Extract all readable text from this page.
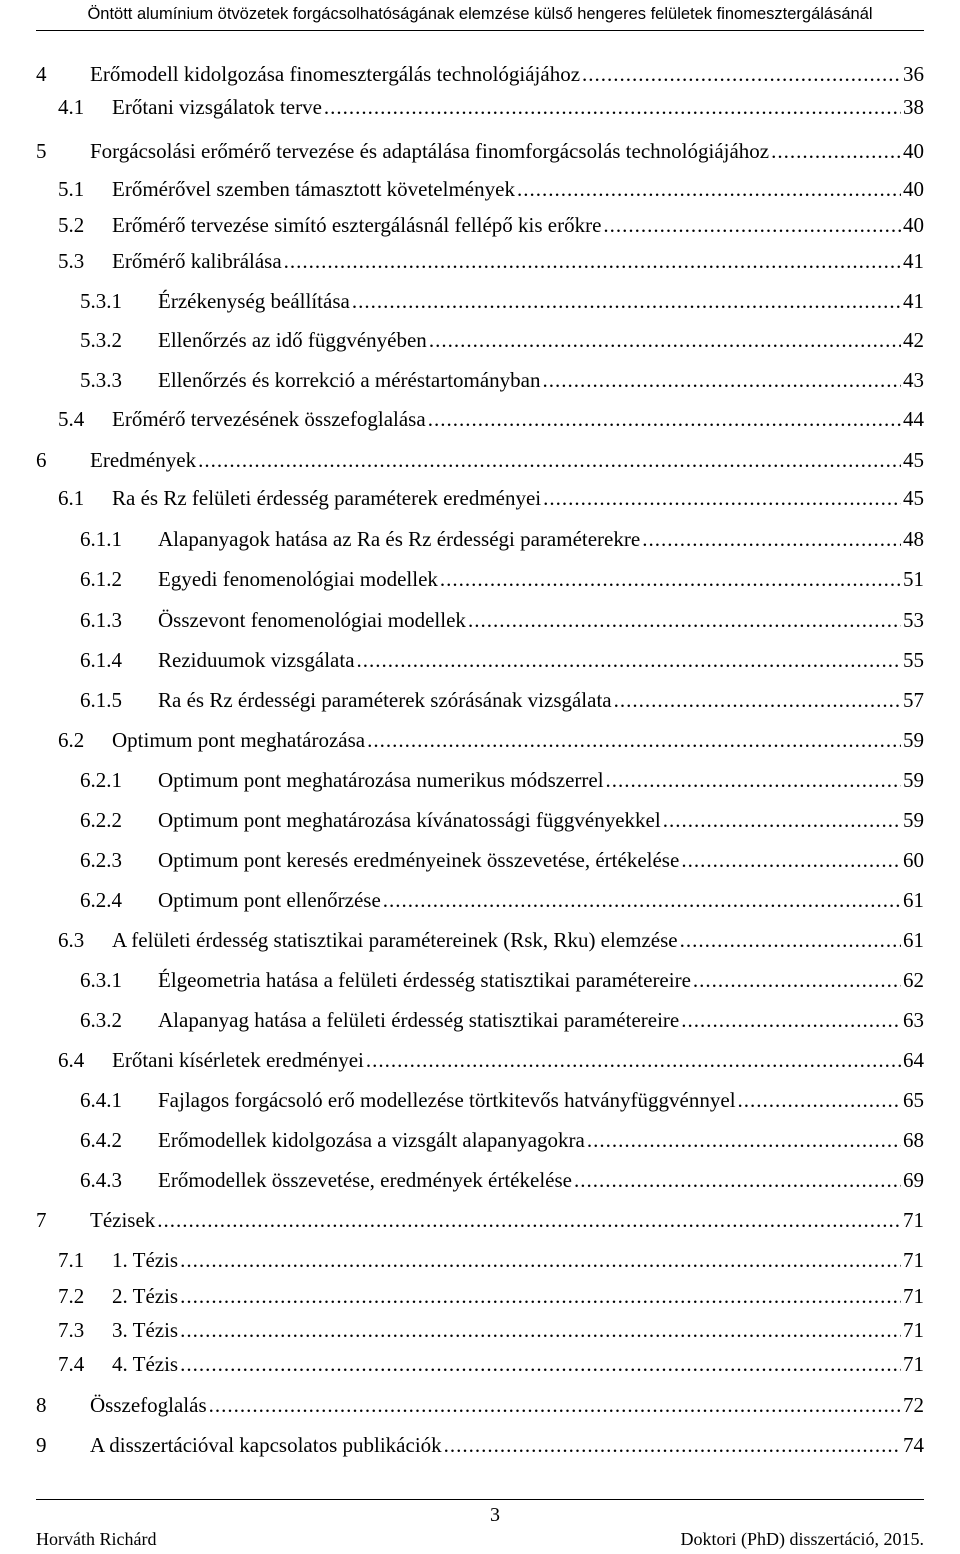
Öntött alumínium ötvözetek forgácsolhatóságának elemzése külső hengeres felületek finomesztergálásánál
4	Erőmodell kidolgozása finomesztergálás technológiájához .....	36
4.1	Erőtani vizsgálatok terve .....	38
5	Forgácsolási erőmérő tervezése és adaptálása finomforgácsolás technológiájához .....	40
5.1	Erőmérővel szemben támasztott követelmények .....	40
5.2	Erőmérő tervezése simító esztergálásnál fellépő kis erőkre .....	40
5.3	Erőmérő kalibrálása .....	41
5.3.1	Érzékenység beállítása .....	41
5.3.2	Ellenőrzés az idő függvényében .....	42
5.3.3	Ellenőrzés és korrekció a méréstartományban .....	43
5.4	Erőmérő tervezésének összefoglalása .....	44
6	Eredmények .....	45
6.1	Ra és Rz felületi érdesség paraméterek eredményei .....	45
6.1.1	Alapanyagok hatása az Ra és Rz érdességi paraméterekre .....	48
6.1.2	Egyedi fenomenológiai modellek .....	51
6.1.3	Összevont fenomenológiai modellek .....	53
6.1.4	Reziduumok vizsgálata .....	55
6.1.5	Ra és Rz érdességi paraméterek szórásának vizsgálata .....	57
6.2	Optimum pont meghatározása .....	59
6.2.1	Optimum pont meghatározása numerikus módszerrel .....	59
6.2.2	Optimum pont meghatározása kívánatossági függvényekkel .....	59
6.2.3	Optimum pont keresés eredményeinek összevetése, értékelése .....	60
6.2.4	Optimum pont ellenőrzése .....	61
6.3	A felületi érdesség statisztikai paramétereinek (Rsk, Rku) elemzése .....	61
6.3.1	Élgeometria hatása a felületi érdesség statisztikai paramétereire .....	62
6.3.2	Alapanyag hatása a felületi érdesség statisztikai paramétereire .....	63
6.4	Erőtani kísérletek eredményei .....	64
6.4.1	Fajlagos forgácsoló erő modellezése törtkitevős hatványfüggvénnyel .....	65
6.4.2	Erőmodellek kidolgozása a vizsgált alapanyagokra .....	68
6.4.3	Erőmodellek összevetése, eredmények értékelése .....	69
7	Tézisek .....	71
7.1	1. Tézis .....	71
7.2	2. Tézis .....	71
7.3	3. Tézis .....	71
7.4	4. Tézis .....	71
8	Összefoglalás .....	72
9	A disszertációval kapcsolatos publikációk .....	74
3
Horváth Richárd	Doktori (PhD) disszertáció, 2015.
